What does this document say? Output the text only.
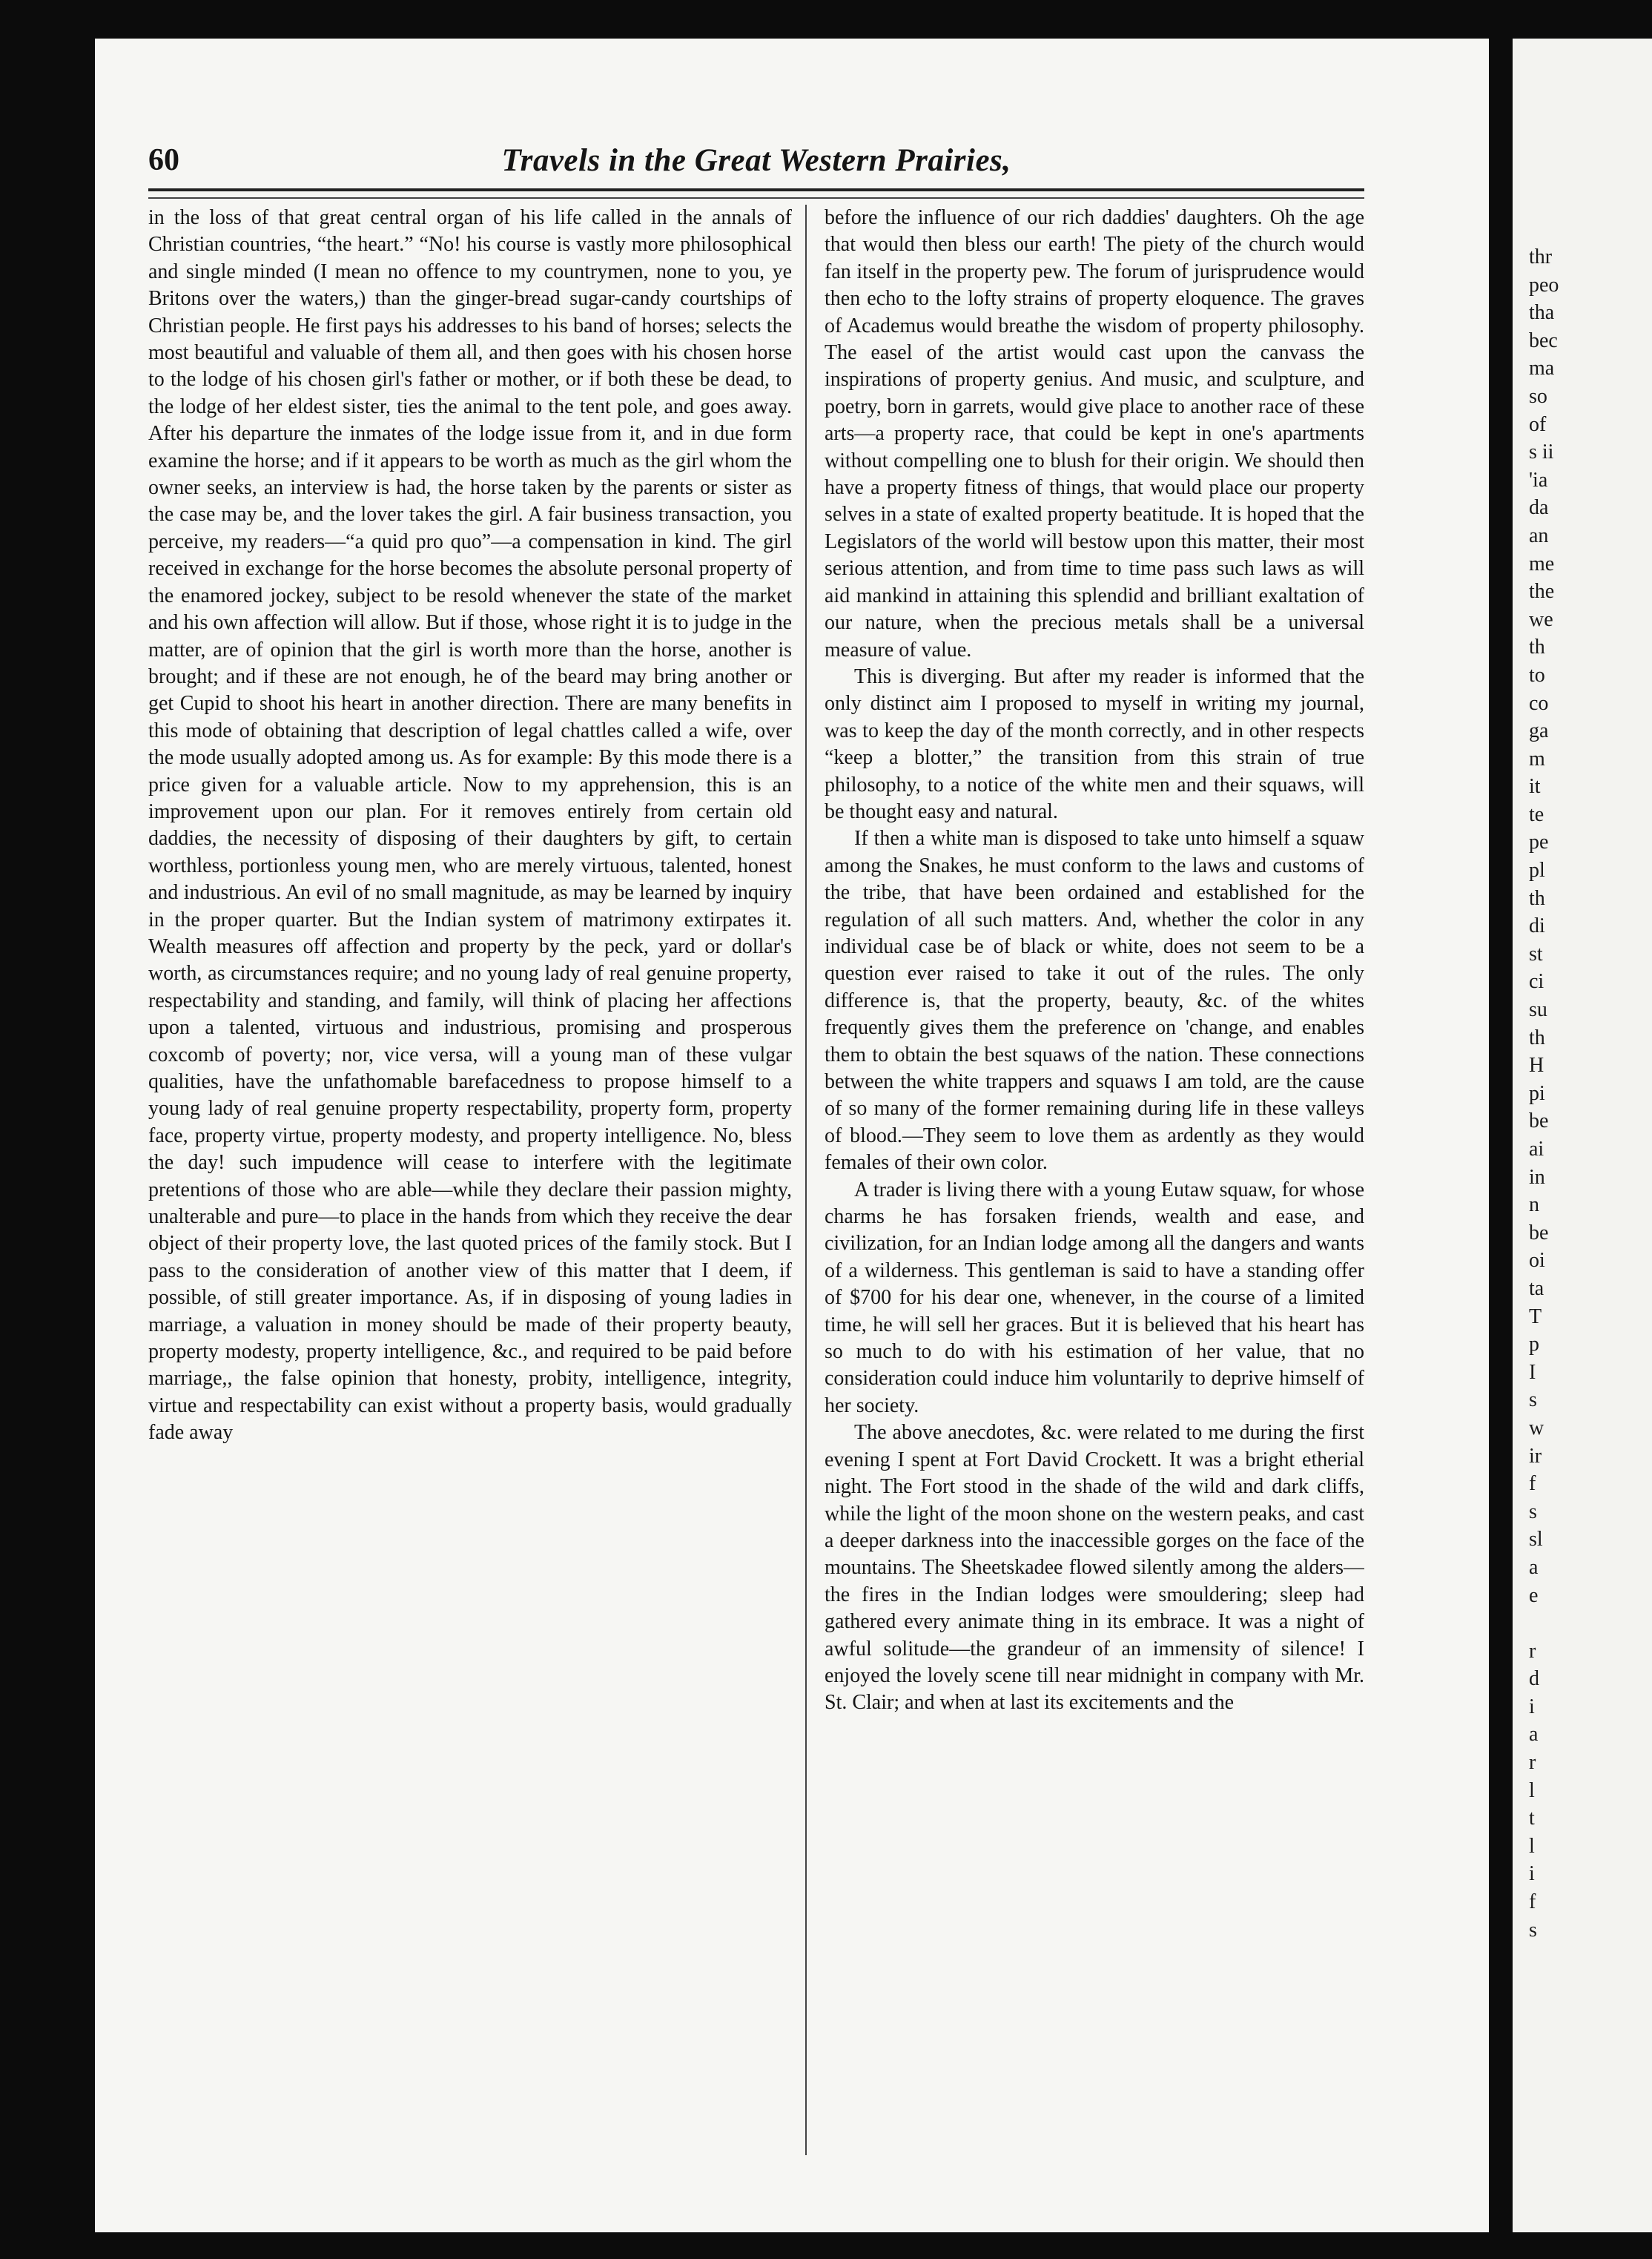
thr
peo
tha
bec
ma
so
of
s ii
'ia
da
an
me
the
we
th
to
co
ga
m
it
te
pe
pl
th
di
st
ci
su
th
H
pi
be
ai
in
n
be
oi
ta
T
p
I
s
w
ir
f
s
sl
a
e

r
d
i
a
r
l
t
l
i
f
s
60	Travels in the Great Western Prairies,

in the loss of that great central organ of his life called in the annals of Christian countries, “the heart.” “No! his course is vastly more philosophical and single minded (I mean no offence to my countrymen, none to you, ye Britons over the waters,) than the ginger-bread sugar-candy courtships of Christian people. He first pays his addresses to his band of horses; selects the most beautiful and valuable of them all, and then goes with his chosen horse to the lodge of his chosen girl's father or mother, or if both these be dead, to the lodge of her eldest sister, ties the animal to the tent pole, and goes away. After his departure the inmates of the lodge issue from it, and in due form examine the horse; and if it appears to be worth as much as the girl whom the owner seeks, an interview is had, the horse taken by the parents or sister as the case may be, and the lover takes the girl. A fair business transaction, you perceive, my readers—“a quid pro quo”—a compensation in kind. The girl received in exchange for the horse becomes the absolute personal property of the enamored jockey, subject to be resold whenever the state of the market and his own affection will allow. But if those, whose right it is to judge in the matter, are of opinion that the girl is worth more than the horse, another is brought; and if these are not enough, he of the beard may bring another or get Cupid to shoot his heart in another direction. There are many benefits in this mode of obtaining that description of legal chattles called a wife, over the mode usually adopted among us. As for example: By this mode there is a price given for a valuable article. Now to my apprehension, this is an improvement upon our plan. For it removes entirely from certain old daddies, the necessity of disposing of their daughters by gift, to certain worthless, portionless young men, who are merely virtuous, talented, honest and industrious. An evil of no small magnitude, as may be learned by inquiry in the proper quarter. But the Indian system of matrimony extirpates it. Wealth measures off affection and property by the peck, yard or dollar's worth, as circumstances require; and no young lady of real genuine property, respectability and standing, and family, will think of placing her affections upon a talented, virtuous and industrious, promising and prosperous coxcomb of poverty; nor, vice versa, will a young man of these vulgar qualities, have the unfathomable barefacedness to propose himself to a young lady of real genuine property respectability, property form, property face, property virtue, property modesty, and property intelligence. No, bless the day! such impudence will cease to interfere with the legitimate pretentions of those who are able—while they declare their passion mighty, unalterable and pure—to place in the hands from which they receive the dear object of their property love, the last quoted prices of the family stock. But I pass to the consideration of another view of this matter that I deem, if possible, of still greater importance. As, if in disposing of young ladies in marriage, a valuation in money should be made of their property beauty, property modesty, property intelligence, &c., and required to be paid before marriage,, the false opinion that honesty, probity, intelligence, integrity, virtue and respectability can exist without a property basis, would gradually fade away

before the influence of our rich daddies' daughters. Oh the age that would then bless our earth! The piety of the church would fan itself in the property pew. The forum of jurisprudence would then echo to the lofty strains of property eloquence. The graves of Academus would breathe the wisdom of property philosophy. The easel of the artist would cast upon the canvass the inspirations of property genius. And music, and sculpture, and poetry, born in garrets, would give place to another race of these arts—a property race, that could be kept in one's apartments without compelling one to blush for their origin. We should then have a property fitness of things, that would place our property selves in a state of exalted property beatitude. It is hoped that the Legislators of the world will bestow upon this matter, their most serious attention, and from time to time pass such laws as will aid mankind in attaining this splendid and brilliant exaltation of our nature, when the precious metals shall be a universal measure of value.

This is diverging. But after my reader is informed that the only distinct aim I proposed to myself in writing my journal, was to keep the day of the month correctly, and in other respects “keep a blotter,” the transition from this strain of true philosophy, to a notice of the white men and their squaws, will be thought easy and natural.

If then a white man is disposed to take unto himself a squaw among the Snakes, he must conform to the laws and customs of the tribe, that have been ordained and established for the regulation of all such matters. And, whether the color in any individual case be of black or white, does not seem to be a question ever raised to take it out of the rules. The only difference is, that the property, beauty, &c. of the whites frequently gives them the preference on 'change, and enables them to obtain the best squaws of the nation. These connections between the white trappers and squaws I am told, are the cause of so many of the former remaining during life in these valleys of blood.—They seem to love them as ardently as they would females of their own color.

A trader is living there with a young Eutaw squaw, for whose charms he has forsaken friends, wealth and ease, and civilization, for an Indian lodge among all the dangers and wants of a wilderness. This gentleman is said to have a standing offer of $700 for his dear one, whenever, in the course of a limited time, he will sell her graces. But it is believed that his heart has so much to do with his estimation of her value, that no consideration could induce him voluntarily to deprive himself of her society.

The above anecdotes, &c. were related to me during the first evening I spent at Fort David Crockett. It was a bright etherial night. The Fort stood in the shade of the wild and dark cliffs, while the light of the moon shone on the western peaks, and cast a deeper darkness into the inaccessible gorges on the face of the mountains. The Sheetskadee flowed silently among the alders—the fires in the Indian lodges were smouldering; sleep had gathered every animate thing in its embrace. It was a night of awful solitude—the grandeur of an immensity of silence! I enjoyed the lovely scene till near midnight in company with Mr. St. Clair; and when at last its excitements and the
